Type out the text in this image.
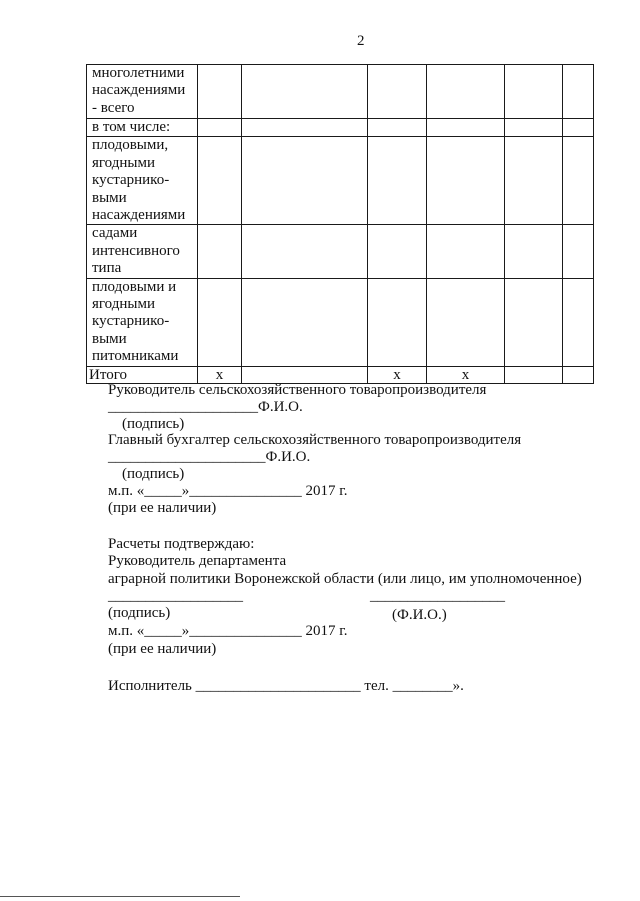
2
многолетними
насаждениями
- всего						

в том числе:						

плодовыми,
ягодными
кустарнико-
выми
насаждениями						

садами
интенсивного
типа						

плодовыми и
ягодными
кустарнико-
выми
питомниками						

Итого	х		х	х		
Руководитель сельскохозяйственного товаропроизводителя
____________________Ф.И.О.
(подпись)
Главный бухгалтер сельскохозяйственного товаропроизводителя
_____________________Ф.И.О.
(подпись)
м.п. «_____»_______________ 2017 г.
(при ее наличии)
Расчеты подтверждаю:
Руководитель департамента
аграрной политики Воронежской области (или лицо, им уполномоченное)
__________________	__________________
(подпись)	(Ф.И.О.)
м.п. «_____»_______________ 2017 г.
(при ее наличии)
Исполнитель ______________________ тел. ________».
